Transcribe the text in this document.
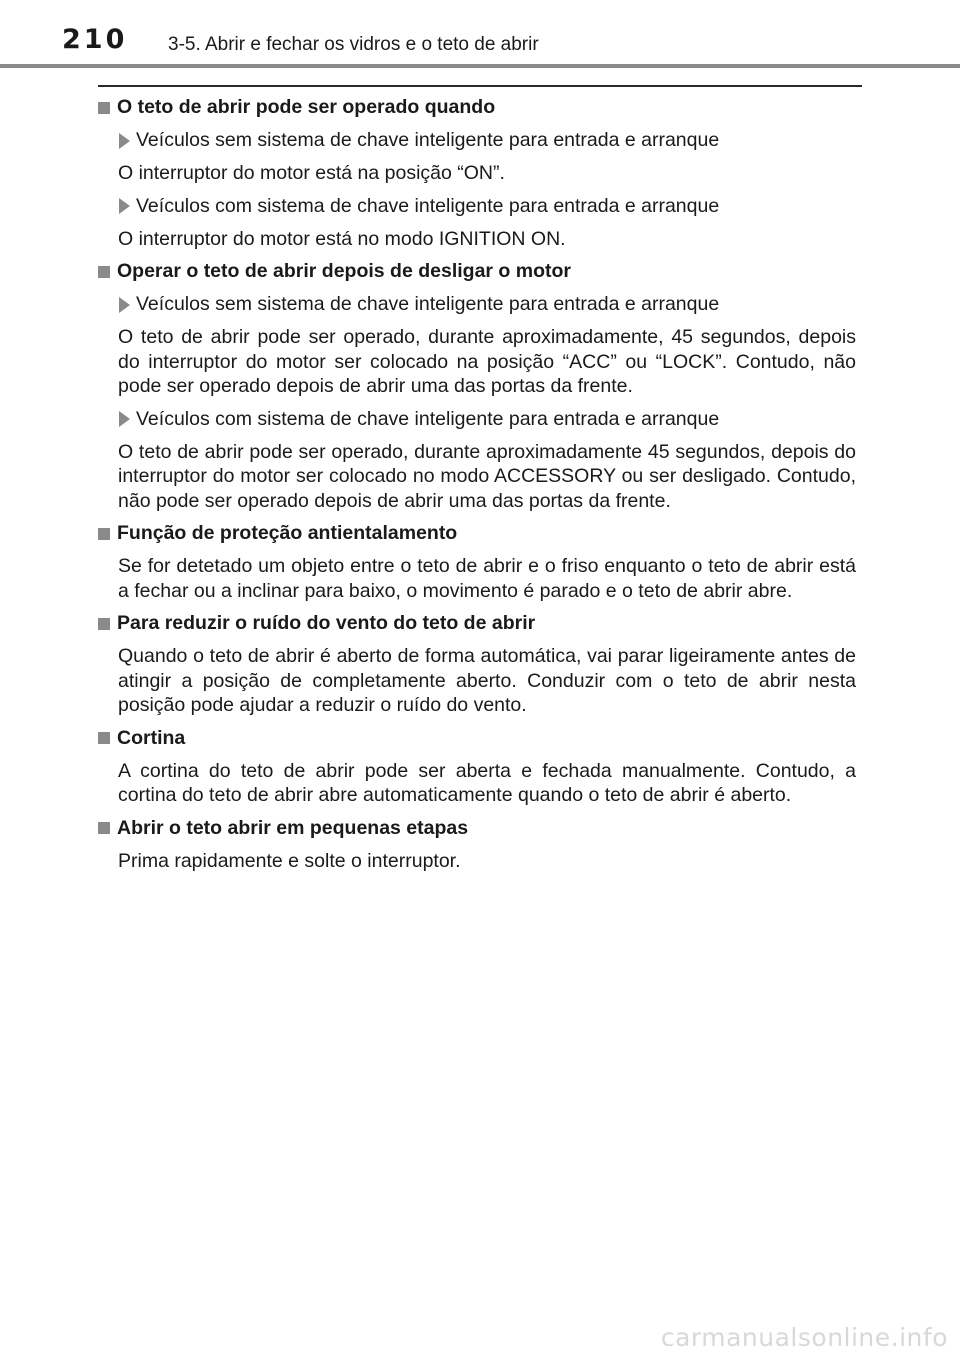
210 3-5. Abrir e fechar os vidros e o teto de abrir
O teto de abrir pode ser operado quando
Veículos sem sistema de chave inteligente para entrada e arranque

O interruptor do motor está na posição “ON”.

Veículos com sistema de chave inteligente para entrada e arranque

O interruptor do motor está no modo IGNITION ON.

Operar o teto de abrir depois de desligar o motor
Veículos sem sistema de chave inteligente para entrada e arranque

O teto de abrir pode ser operado, durante aproximadamente, 45 segundos, depois do interruptor do motor ser colocado na posição “ACC” ou “LOCK”. Contudo, não pode ser operado depois de abrir uma das portas da frente.

Veículos com sistema de chave inteligente para entrada e arranque

O teto de abrir pode ser operado, durante aproximadamente 45 segundos, depois do interruptor do motor ser colocado no modo ACCESSORY ou ser desligado. Contudo, não pode ser operado depois de abrir uma das portas da frente.

Função de proteção antientalamento

Se for detetado um objeto entre o teto de abrir e o friso enquanto o teto de abrir está a fechar ou a inclinar para baixo, o movimento é parado e o teto de abrir abre.

Para reduzir o ruído do vento do teto de abrir

Quando o teto de abrir é aberto de forma automática, vai parar ligeiramente antes de atingir a posição de completamente aberto. Conduzir com o teto de abrir nesta posição pode ajudar a reduzir o ruído do vento.

Cortina

A cortina do teto de abrir pode ser aberta e fechada manualmente. Contudo, a cortina do teto de abrir abre automaticamente quando o teto de abrir é aberto.

Abrir o teto abrir em pequenas etapas

Prima rapidamente e solte o interruptor.

carmanualsonline.info
